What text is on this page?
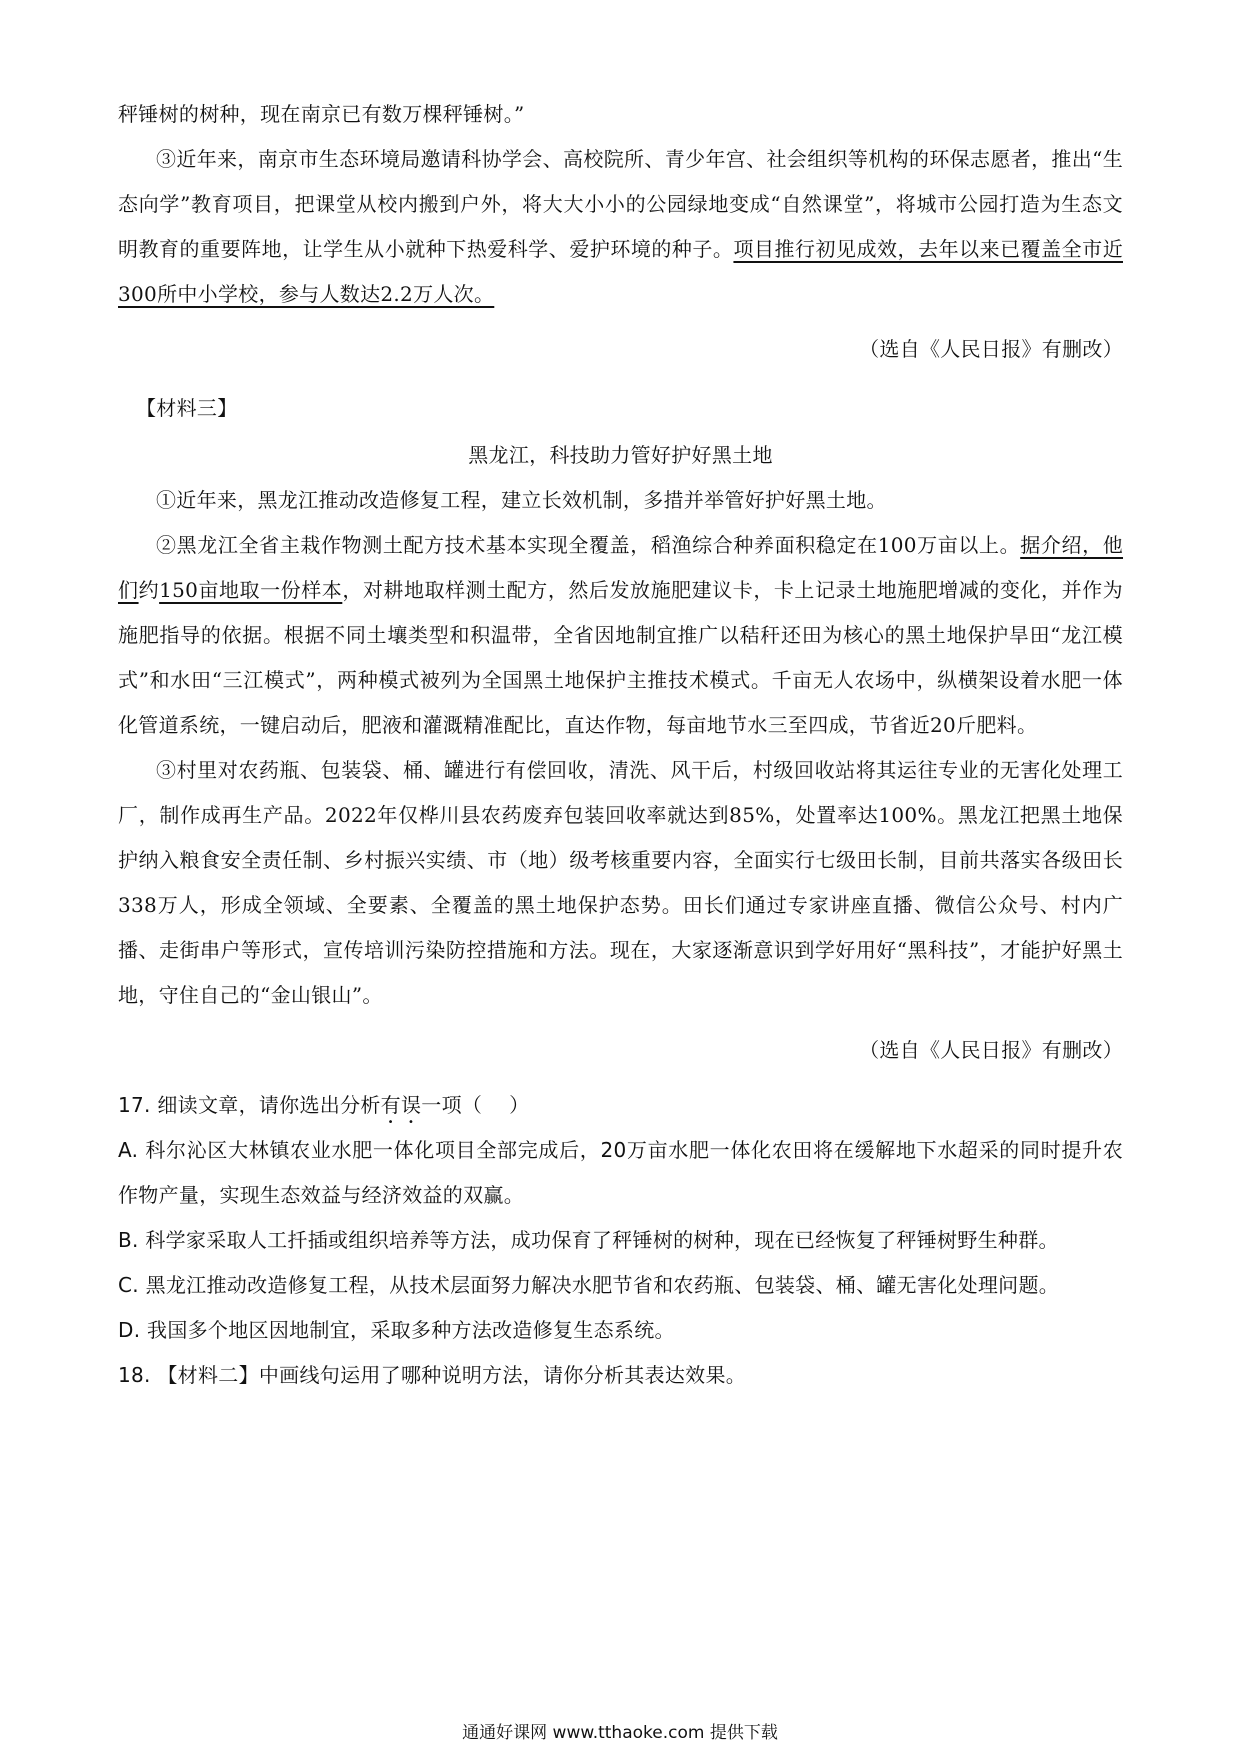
秤锤树的树种，现在南京已有数万棵秤锤树。”

③近年来，南京市生态环境局邀请科协学会、高校院所、青少年宫、社会组织等机构的环保志愿者，推出“生态向学”教育项目，把课堂从校内搬到户外，将大大小小的公园绿地变成“自然课堂”，将城市公园打造为生态文明教育的重要阵地，让学生从小就种下热爱科学、爱护环境的种子。项目推行初见成效，去年以来已覆盖全市近300所中小学校，参与人数达2.2万人次。

（选自《人民日报》有删改）

【材料三】

黑龙江，科技助力管好护好黑土地

①近年来，黑龙江推动改造修复工程，建立长效机制，多措并举管好护好黑土地。

②黑龙江全省主栽作物测土配方技术基本实现全覆盖，稻渔综合种养面积稳定在100万亩以上。据介绍，他们约150亩地取一份样本，对耕地取样测土配方，然后发放施肥建议卡，卡上记录土地施肥增减的变化，并作为施肥指导的依据。根据不同土壤类型和积温带，全省因地制宜推广以秸秆还田为核心的黑土地保护旱田“龙江模式”和水田“三江模式”，两种模式被列为全国黑土地保护主推技术模式。千亩无人农场中，纵横架设着水肥一体化管道系统，一键启动后，肥液和灌溉精准配比，直达作物，每亩地节水三至四成，节省近20斤肥料。

③村里对农药瓶、包装袋、桶、罐进行有偿回收，清洗、风干后，村级回收站将其运往专业的无害化处理工厂，制作成再生产品。2022年仅桦川县农药废弃包装回收率就达到85%，处置率达100%。黑龙江把黑土地保护纳入粮食安全责任制、乡村振兴实绩、市（地）级考核重要内容，全面实行七级田长制，目前共落实各级田长338万人，形成全领域、全要素、全覆盖的黑土地保护态势。田长们通过专家讲座直播、微信公众号、村内广播、走街串户等形式，宣传培训污染防控措施和方法。现在，大家逐渐意识到学好用好“黑科技”，才能护好黑土地，守住自己的“金山银山”。

（选自《人民日报》有删改）

17. 细读文章，请你选出分析有误一项（　 ）

A. 科尔沁区大林镇农业水肥一体化项目全部完成后，20万亩水肥一体化农田将在缓解地下水超采的同时提升农作物产量，实现生态效益与经济效益的双赢。

B. 科学家采取人工扦插或组织培养等方法，成功保育了秤锤树的树种，现在已经恢复了秤锤树野生种群。

C. 黑龙江推动改造修复工程，从技术层面努力解决水肥节省和农药瓶、包装袋、桶、罐无害化处理问题。

D. 我国多个地区因地制宜，采取多种方法改造修复生态系统。

18. 【材料二】中画线句运用了哪种说明方法，请你分析其表达效果。

通通好课网 www.tthaoke.com 提供下载
